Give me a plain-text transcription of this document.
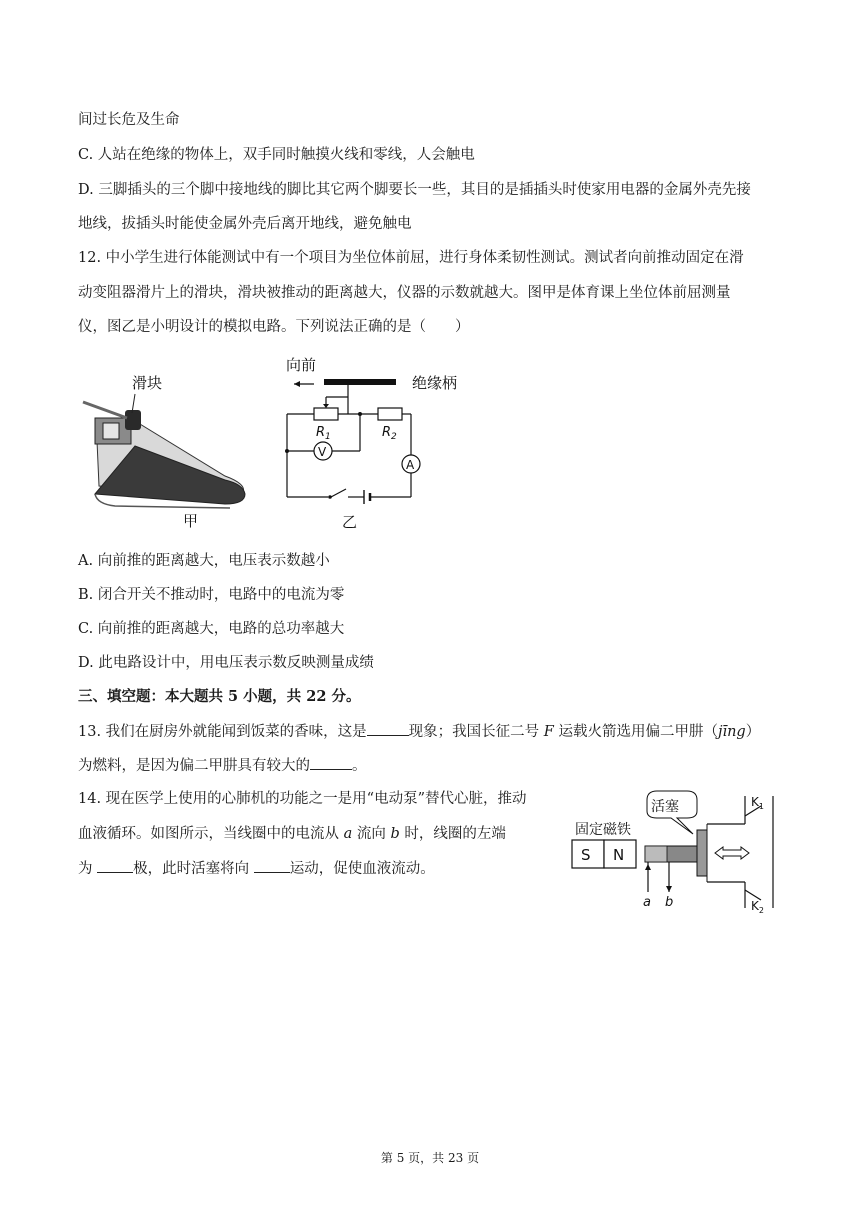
间过长危及生命
C. 人站在绝缘的物体上，双手同时触摸火线和零线，人会触电
D. 三脚插头的三个脚中接地线的脚比其它两个脚要长一些，其目的是插插头时使家用电器的金属外壳先接
地线，拔插头时能使金属外壳后离开地线，避免触电
12. 中小学生进行体能测试中有一个项目为坐位体前屈，进行身体柔韧性测试。测试者向前推动固定在滑
动变阻器滑片上的滑块，滑块被推动的距离越大，仪器的示数就越大。图甲是体育课上坐位体前屈测量
仪，图乙是小明设计的模拟电路。下列说法正确的是（　　）
滑块
甲
向前
绝缘柄
$R_1$	$R_2$
V
A
乙
A. 向前推的距离越大，电压表示数越小
B. 闭合开关不推动时，电路中的电流为零
C. 向前推的距离越大，电路的总功率越大
D. 此电路设计中，用电压表示数反映测量成绩
三、填空题：本大题共 5 小题，共 22 分。
13. 我们在厨房外就能闻到饭菜的香味，这是	现象；我国长征二号 F 运载火箭选用偏二甲肼（jīng）
为燃料，是因为偏二甲肼具有较大的	。
14. 现在医学上使用的心肺机的功能之一是用“电动泵”替代心脏，推动
血液循环。如图所示，当线圈中的电流从 a 流向 b 时，线圈的左端
为	极，此时活塞将向	运动，促使血液流动。
固定磁铁
活塞
S N
$K_1$
$K_2$
a b
第 5 页，共 23 页
